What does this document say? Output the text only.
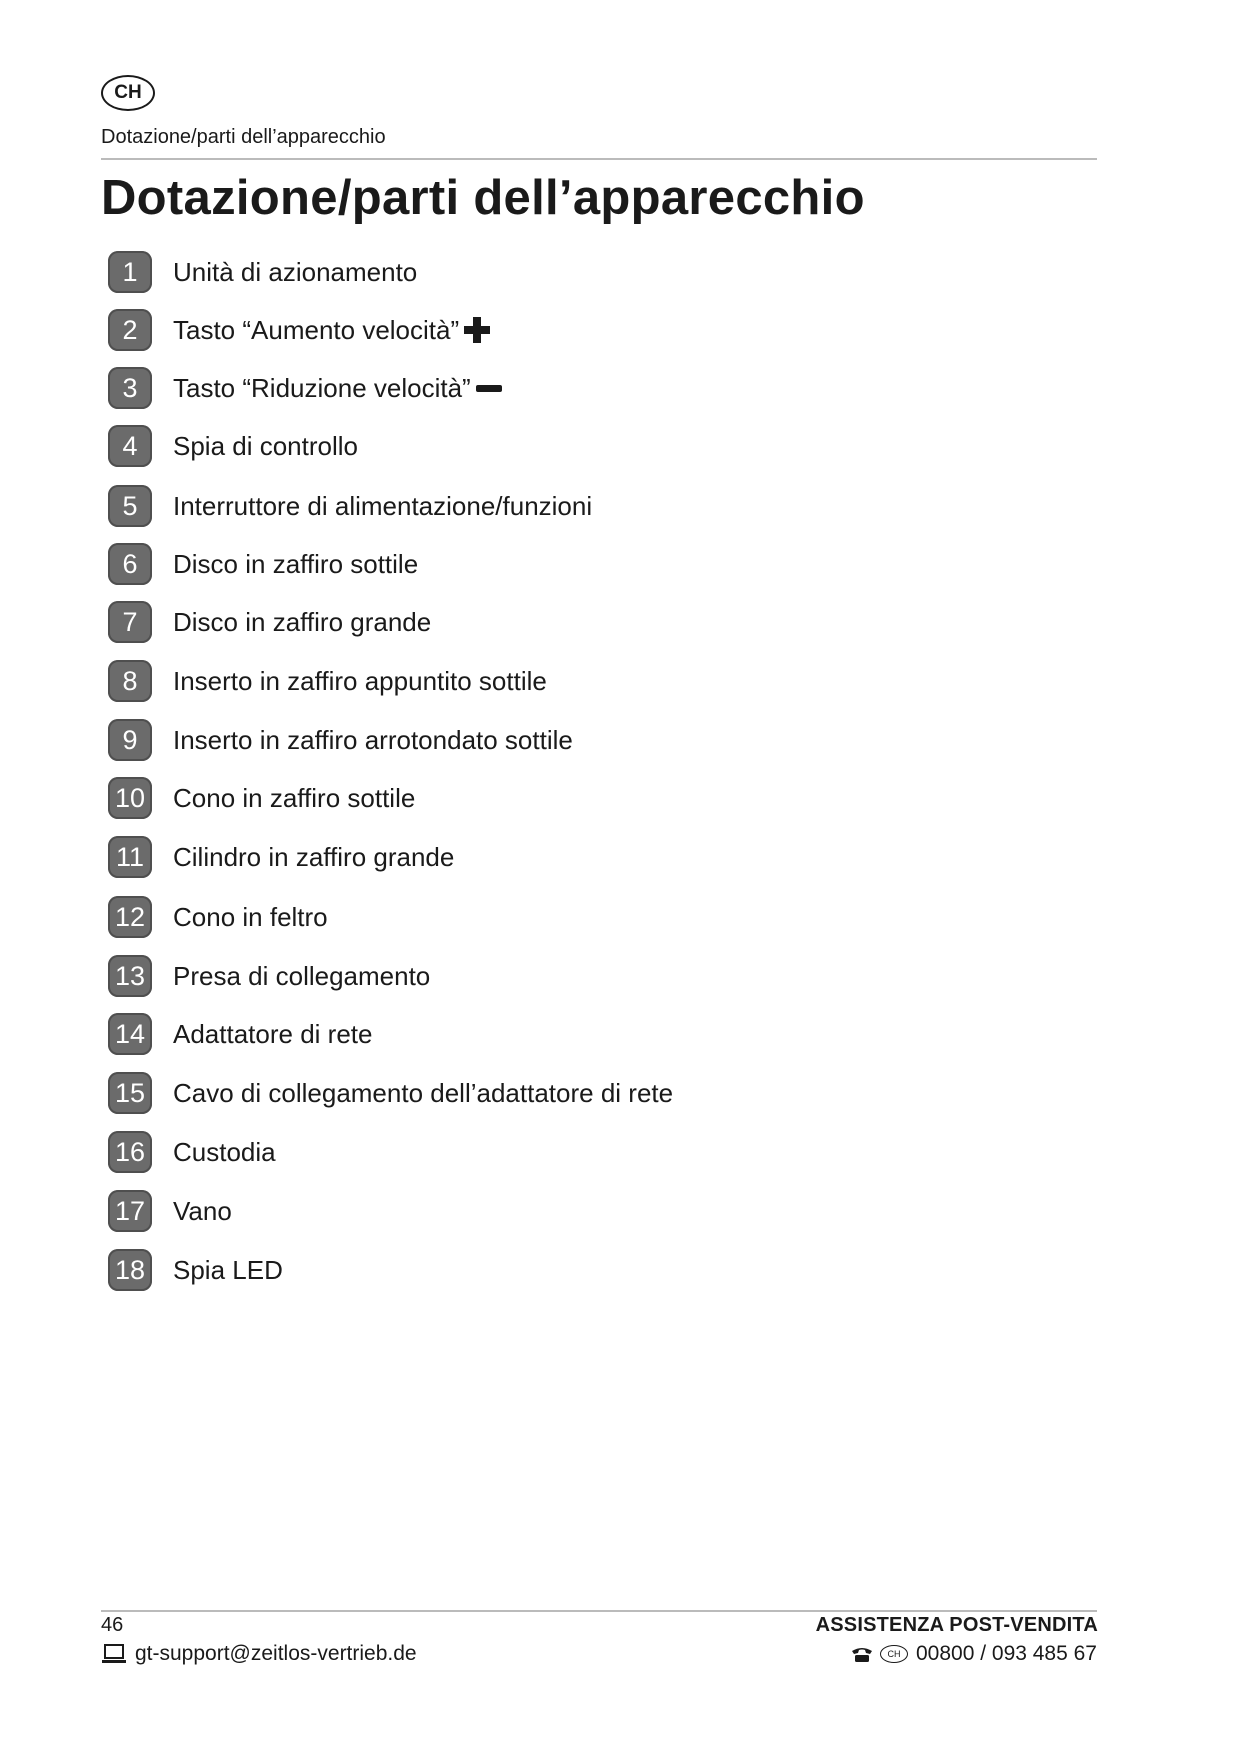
CH
Dotazione/parti dell’apparecchio
Dotazione/parti dell’apparecchio
1	Unità di azionamento
2	Tasto “Aumento velocità”
3	Tasto “Riduzione velocità”
4	Spia di controllo
5	Interruttore di alimentazione/funzioni
6	Disco in zaffiro sottile
7	Disco in zaffiro grande
8	Inserto in zaffiro appuntito sottile
9	Inserto in zaffiro arrotondato sottile
10 Cono in zaffiro sottile
11	Cilindro in zaffiro grande
12 Cono in feltro
13 Presa di collegamento
14 Adattatore di rete
15 Cavo di collegamento dell’adattatore di rete
16 Custodia
17 Vano
18 Spia LED
46
gt-support@zeitlos-vertrieb.de
ASSISTENZA POST-VENDITA
CH 00800 / 093 485 67
